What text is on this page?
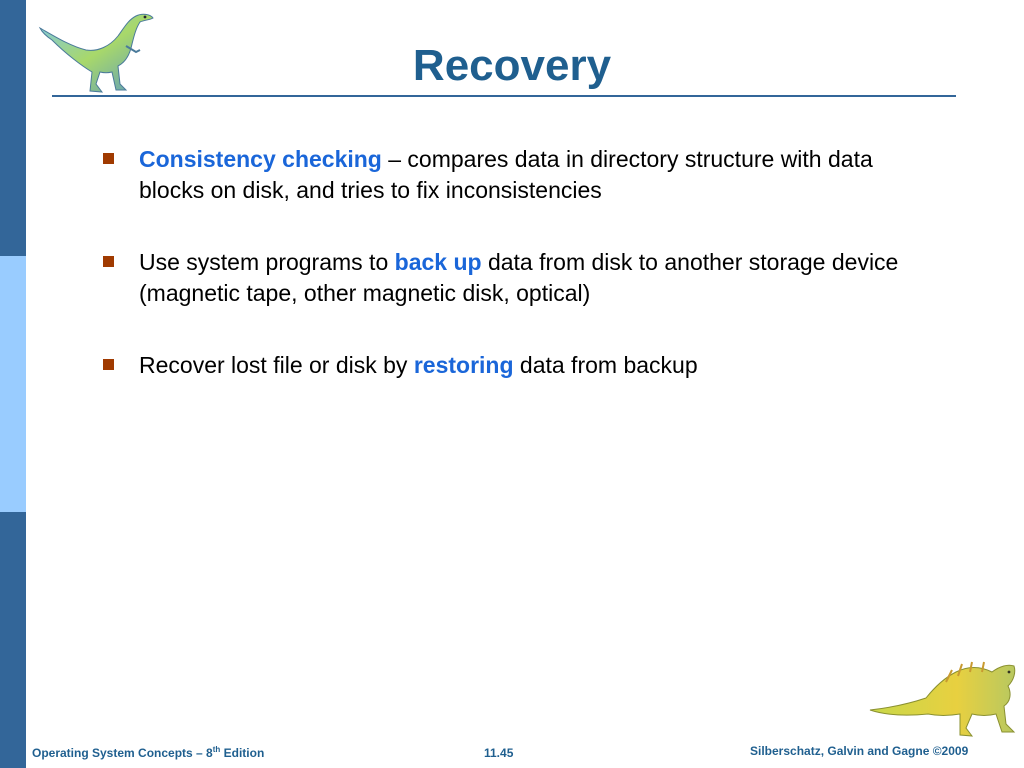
Recovery
Consistency checking – compares data in directory structure with data blocks on disk, and tries to fix inconsistencies
Use system programs to back up data from disk to another storage device (magnetic tape, other magnetic disk, optical)
Recover lost file or disk by restoring data from backup
Operating System Concepts – 8th Edition	11.45	Silberschatz, Galvin and Gagne ©2009
